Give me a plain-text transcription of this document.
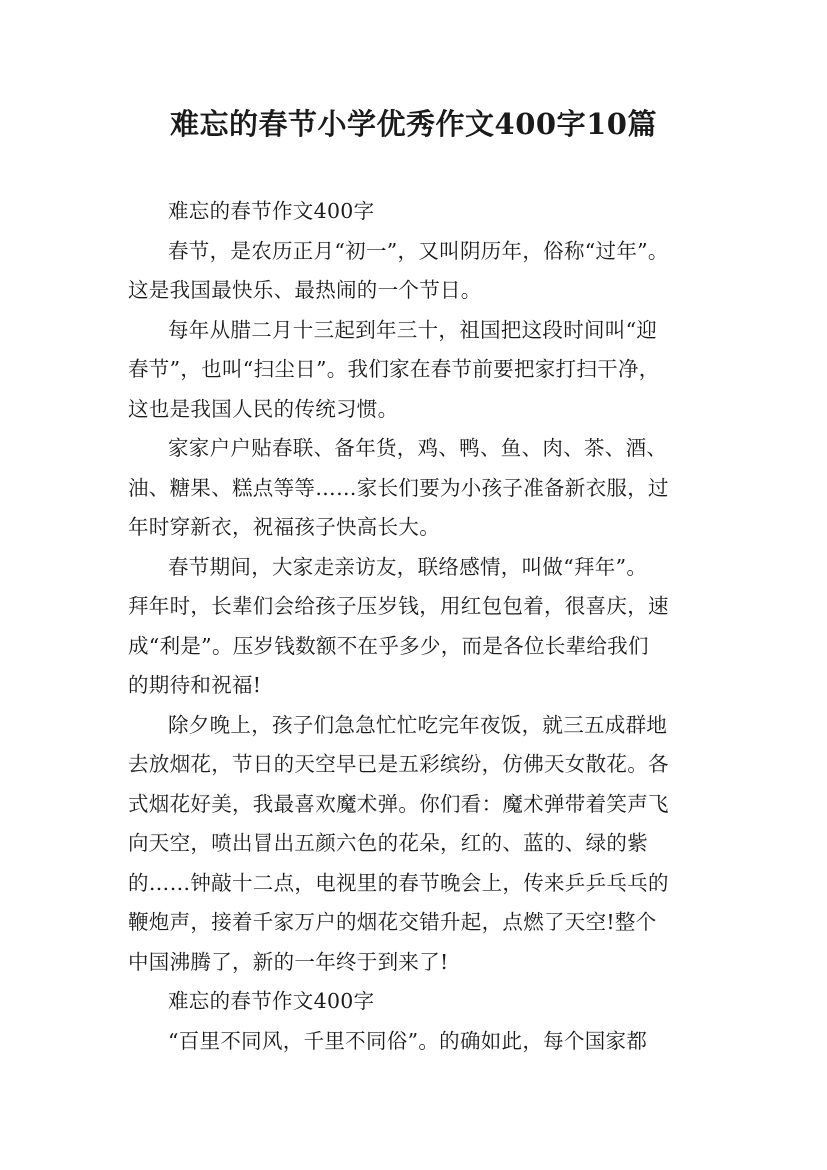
难忘的春节小学优秀作文400字10篇
难忘的春节作文400字
春节，是农历正月“初一”，又叫阴历年，俗称“过年”。
这是我国最快乐、最热闹的一个节日。
每年从腊二月十三起到年三十，祖国把这段时间叫“迎
春节”，也叫“扫尘日”。我们家在春节前要把家打扫干净，
这也是我国人民的传统习惯。
家家户户贴春联、备年货，鸡、鸭、鱼、肉、茶、酒、
油、糖果、糕点等等……家长们要为小孩子准备新衣服，过
年时穿新衣，祝福孩子快高长大。
春节期间，大家走亲访友，联络感情，叫做“拜年”。
拜年时，长辈们会给孩子压岁钱，用红包包着，很喜庆，速
成“利是”。压岁钱数额不在乎多少，而是各位长辈给我们
的期待和祝福!
除夕晚上，孩子们急急忙忙吃完年夜饭，就三五成群地
去放烟花，节日的天空早已是五彩缤纷，仿佛天女散花。各
式烟花好美，我最喜欢魔术弹。你们看：魔术弹带着笑声飞
向天空，喷出冒出五颜六色的花朵，红的、蓝的、绿的紫
的……钟敲十二点，电视里的春节晚会上，传来乒乒乓乓的
鞭炮声，接着千家万户的烟花交错升起，点燃了天空!整个
中国沸腾了，新的一年终于到来了!
难忘的春节作文400字
“百里不同风，千里不同俗”。的确如此，每个国家都
